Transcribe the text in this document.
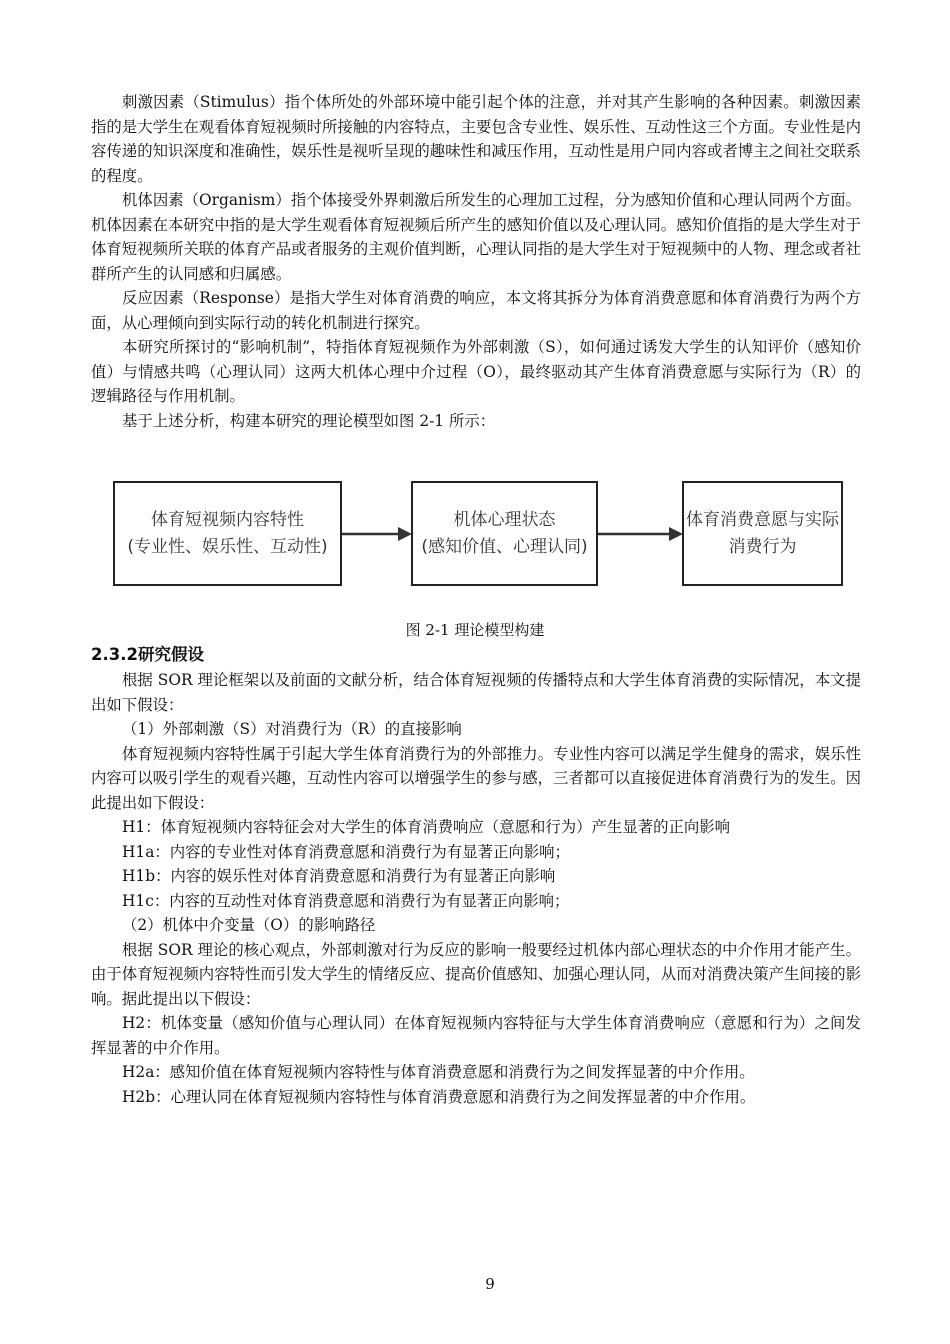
刺激因素（Stimulus）指个体所处的外部环境中能引起个体的注意，并对其产生影响的各种因素。刺激因素指的是大学生在观看体育短视频时所接触的内容特点，主要包含专业性、娱乐性、互动性这三个方面。专业性是内容传递的知识深度和准确性，娱乐性是视听呈现的趣味性和减压作用，互动性是用户同内容或者博主之间社交联系的程度。

机体因素（Organism）指个体接受外界刺激后所发生的心理加工过程，分为感知价值和心理认同两个方面。机体因素在本研究中指的是大学生观看体育短视频后所产生的感知价值以及心理认同。感知价值指的是大学生对于体育短视频所关联的体育产品或者服务的主观价值判断，心理认同指的是大学生对于短视频中的人物、理念或者社群所产生的认同感和归属感。

反应因素（Response）是指大学生对体育消费的响应，本文将其拆分为体育消费意愿和体育消费行为两个方面，从心理倾向到实际行动的转化机制进行探究。

本研究所探讨的“影响机制”，特指体育短视频作为外部刺激（S），如何通过诱发大学生的认知评价（感知价值）与情感共鸣（心理认同）这两大机体心理中介过程（O），最终驱动其产生体育消费意愿与实际行为（R）的逻辑路径与作用机制。

基于上述分析，构建本研究的理论模型如图 2-1 所示：

体育短视频内容特性
(专业性、娱乐性、互动性)
机体心理状态
(感知价值、心理认同)
体育消费意愿与实际
消费行为

图 2-1 理论模型构建

2.3.2研究假设

根据 SOR 理论框架以及前面的文献分析，结合体育短视频的传播特点和大学生体育消费的实际情况，本文提出如下假设：

（1）外部刺激（S）对消费行为（R）的直接影响

体育短视频内容特性属于引起大学生体育消费行为的外部推力。专业性内容可以满足学生健身的需求，娱乐性内容可以吸引学生的观看兴趣，互动性内容可以增强学生的参与感，三者都可以直接促进体育消费行为的发生。因此提出如下假设：

H1：体育短视频内容特征会对大学生的体育消费响应（意愿和行为）产生显著的正向影响

H1a：内容的专业性对体育消费意愿和消费行为有显著正向影响；

H1b：内容的娱乐性对体育消费意愿和消费行为有显著正向影响

H1c：内容的互动性对体育消费意愿和消费行为有显著正向影响；

（2）机体中介变量（O）的影响路径

根据 SOR 理论的核心观点，外部刺激对行为反应的影响一般要经过机体内部心理状态的中介作用才能产生。由于体育短视频内容特性而引发大学生的情绪反应、提高价值感知、加强心理认同，从而对消费决策产生间接的影响。据此提出以下假设：

H2：机体变量（感知价值与心理认同）在体育短视频内容特征与大学生体育消费响应（意愿和行为）之间发挥显著的中介作用。

H2a：感知价值在体育短视频内容特性与体育消费意愿和消费行为之间发挥显著的中介作用。

H2b：心理认同在体育短视频内容特性与体育消费意愿和消费行为之间发挥显著的中介作用。

9
